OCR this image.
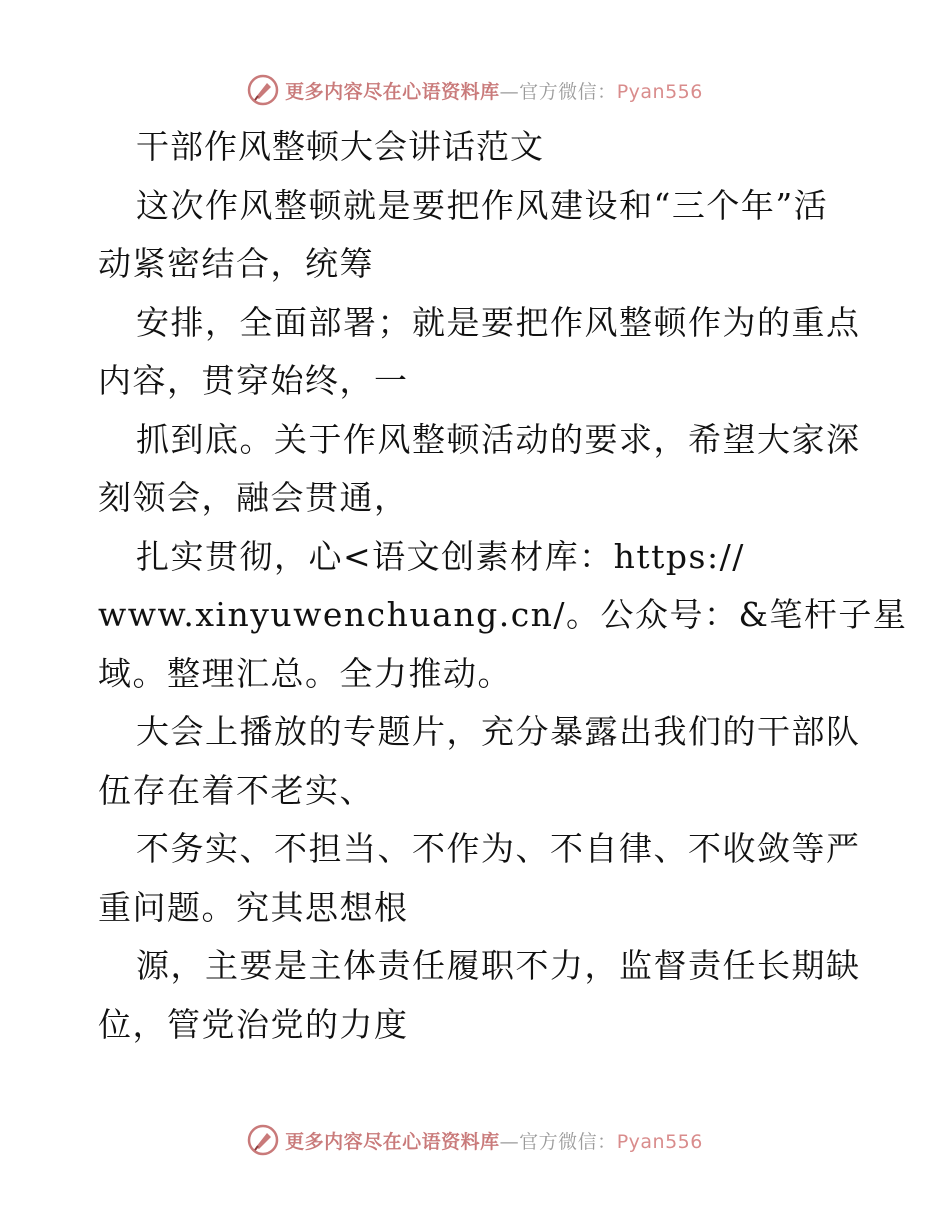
更多内容尽在心语资料库—官方微信：Pyan556
干部作风整顿大会讲话范文
这次作风整顿就是要把作风建设和“三个年”活
动紧密结合，统筹
安排，全面部署；就是要把作风整顿作为的重点
内容，贯穿始终，一
抓到底。关于作风整顿活动的要求，希望大家深
刻领会，融会贯通，
扎实贯彻，心<语文创素材库：https://
www.xinyuwenchuang.cn/。公众号：&笔杆子星
域。整理汇总。全力推动。
大会上播放的专题片，充分暴露出我们的干部队
伍存在着不老实、
不务实、不担当、不作为、不自律、不收敛等严
重问题。究其思想根
源，主要是主体责任履职不力，监督责任长期缺
位，管党治党的力度
更多内容尽在心语资料库—官方微信：Pyan556
